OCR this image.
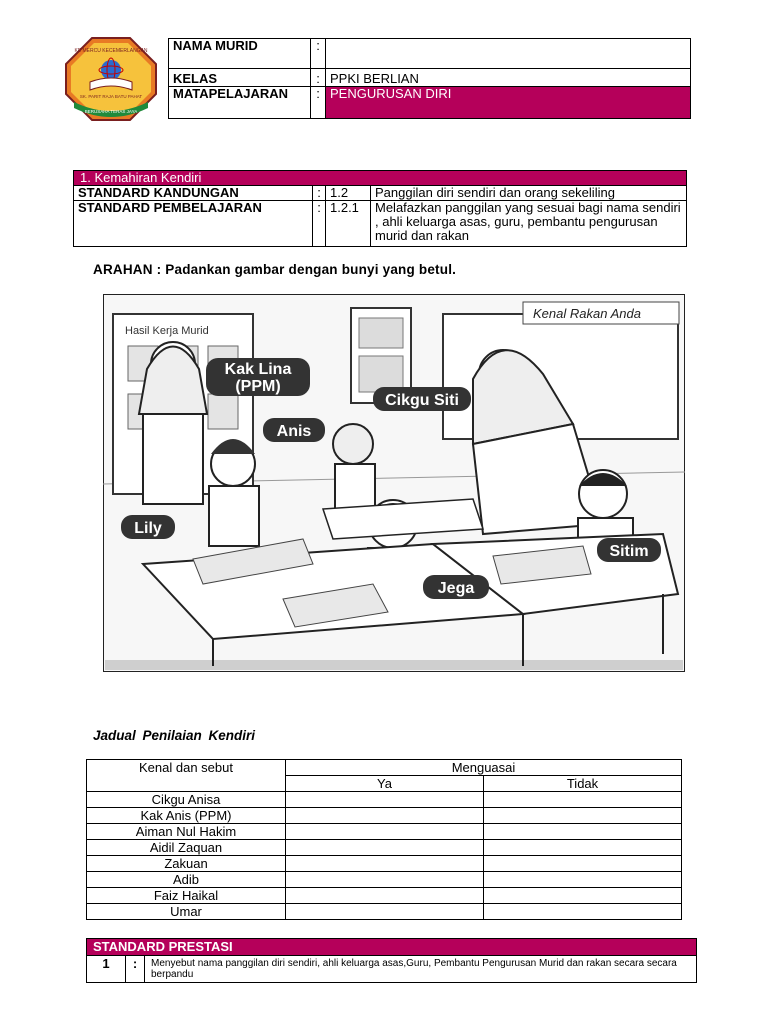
KE MERCU KECEMERLANGAN
SK. PARIT RAJA BATU PAHAT
BERUSAHA TERAS JAYA
NAMA MURID	:	
KELAS	:	PPKI BERLIAN
MATAPELAJARAN	:	PENGURUSAN DIRI
1. Kemahiran Kendiri			
STANDARD KANDUNGAN	:	1.2	Panggilan diri sendiri dan orang sekeliling
STANDARD PEMBELAJARAN	:	1.2.1	Melafazkan panggilan yang sesuai bagi nama sendiri , ahli keluarga asas, guru, pembantu pengurusan murid dan rakan
ARAHAN : Padankan gambar dengan bunyi yang betul.
Hasil Kerja Murid
Kenal Rakan Anda
Kak Lina
(PPM)
Cikgu Siti
Anis
Lily
Sitim
Jega
Jadual Penilaian Kendiri
Kenal dan sebut	Menguasai	
	Ya	Tidak
Cikgu Anisa		
Kak Anis (PPM)		
Aiman Nul Hakim		
Aidil Zaquan		
Zakuan		
Adib		
Faiz Haikal		
Umar		
STANDARD PRESTASI
1	:	Menyebut nama panggilan diri sendiri, ahli keluarga asas,Guru, Pembantu Pengurusan Murid dan rakan secara secara berpandu
